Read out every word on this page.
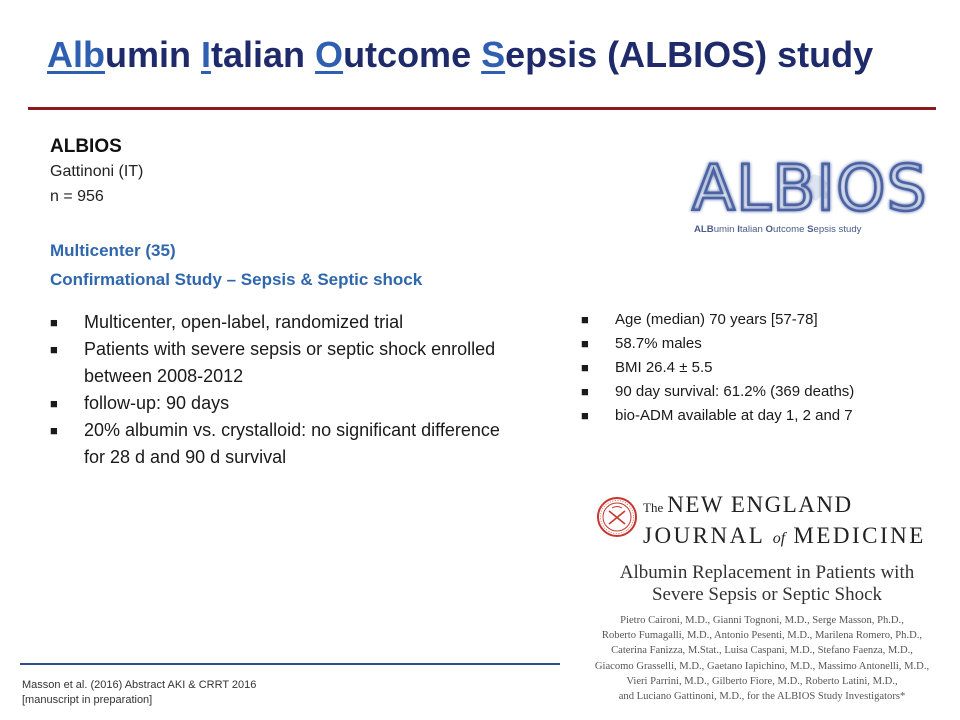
Albumin Italian Outcome Sepsis (ALBIOS) study
ALBIOS
Gattinoni (IT)
n = 956
Multicenter (35)
Confirmational Study – Sepsis & Septic shock
■ Multicenter, open-label, randomized trial
■ Patients with severe sepsis or septic shock enrolled between 2008-2012
■ follow-up: 90 days
■ 20% albumin vs. crystalloid: no significant difference for 28 d and 90 d survival
ALBIOS
ALBumin Italian Outcome Sepsis study
■ Age (median) 70 years [57-78]
■ 58.7% males
■ BMI 26.4 ± 5.5
■ 90 day survival: 61.2% (369 deaths)
■ bio-ADM available at day 1, 2 and 7
The NEW ENGLAND
JOURNAL of MEDICINE
Albumin Replacement in Patients with Severe Sepsis or Septic Shock
Pietro Caironi, M.D., Gianni Tognoni, M.D., Serge Masson, Ph.D.,
Roberto Fumagalli, M.D., Antonio Pesenti, M.D., Marilena Romero, Ph.D.,
Caterina Fanizza, M.Stat., Luisa Caspani, M.D., Stefano Faenza, M.D.,
Giacomo Grasselli, M.D., Gaetano Iapichino, M.D., Massimo Antonelli, M.D.,
Vieri Parrini, M.D., Gilberto Fiore, M.D., Roberto Latini, M.D.,
and Luciano Gattinoni, M.D., for the ALBIOS Study Investigators*
Masson et al. (2016) Abstract AKI & CRRT 2016
[manuscript in preparation]
